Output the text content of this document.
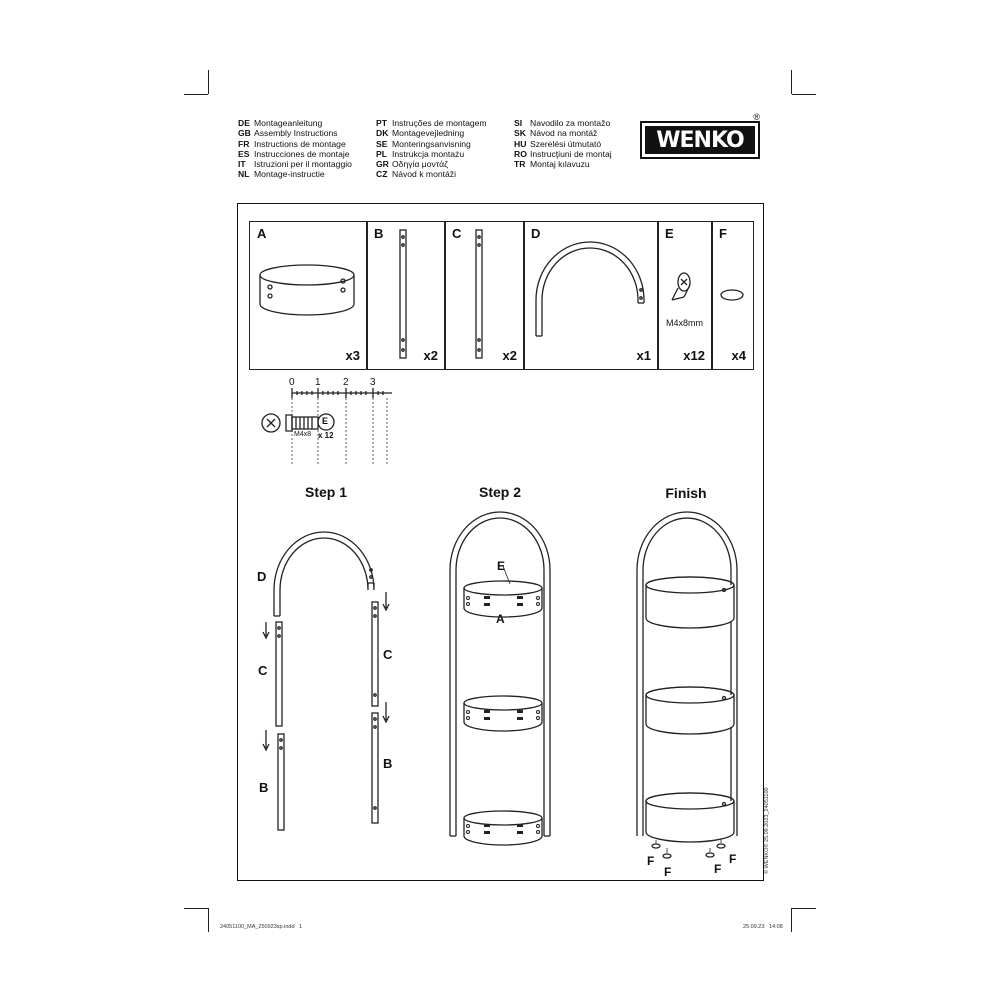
DE Montageanleitung
GB Assembly Instructions
FR Instructions de montage
ES Instrucciones de montaje
IT Istruzioni per il montaggio
NL Montage-instructie
PT Instruções de montagem
DK Montagevejledning
SE Monteringsanvisning
PL Instrukcja montażu
GR Οδηγία μοντάζ
CZ Návod k montáži
SI Navodilo za montažo
SK Návod na montáž
HU Szerelési útmutató
RO Instrucţiuni de montaj
TR Montaj kılavuzu
WENKO
®
A
x3
B
x2
C
x2
D
x1
E
M4x8mm
x12
F
x4
0 1 2 3
M4x8
E
x 12
Step 1	Step 2	Finish
D
C
B
C
B
E
A
F
F	F
F	© WENKO® 25.09.2023_24051100
24051100_MA_250923sp.indd   1	25.09.23   14:08
